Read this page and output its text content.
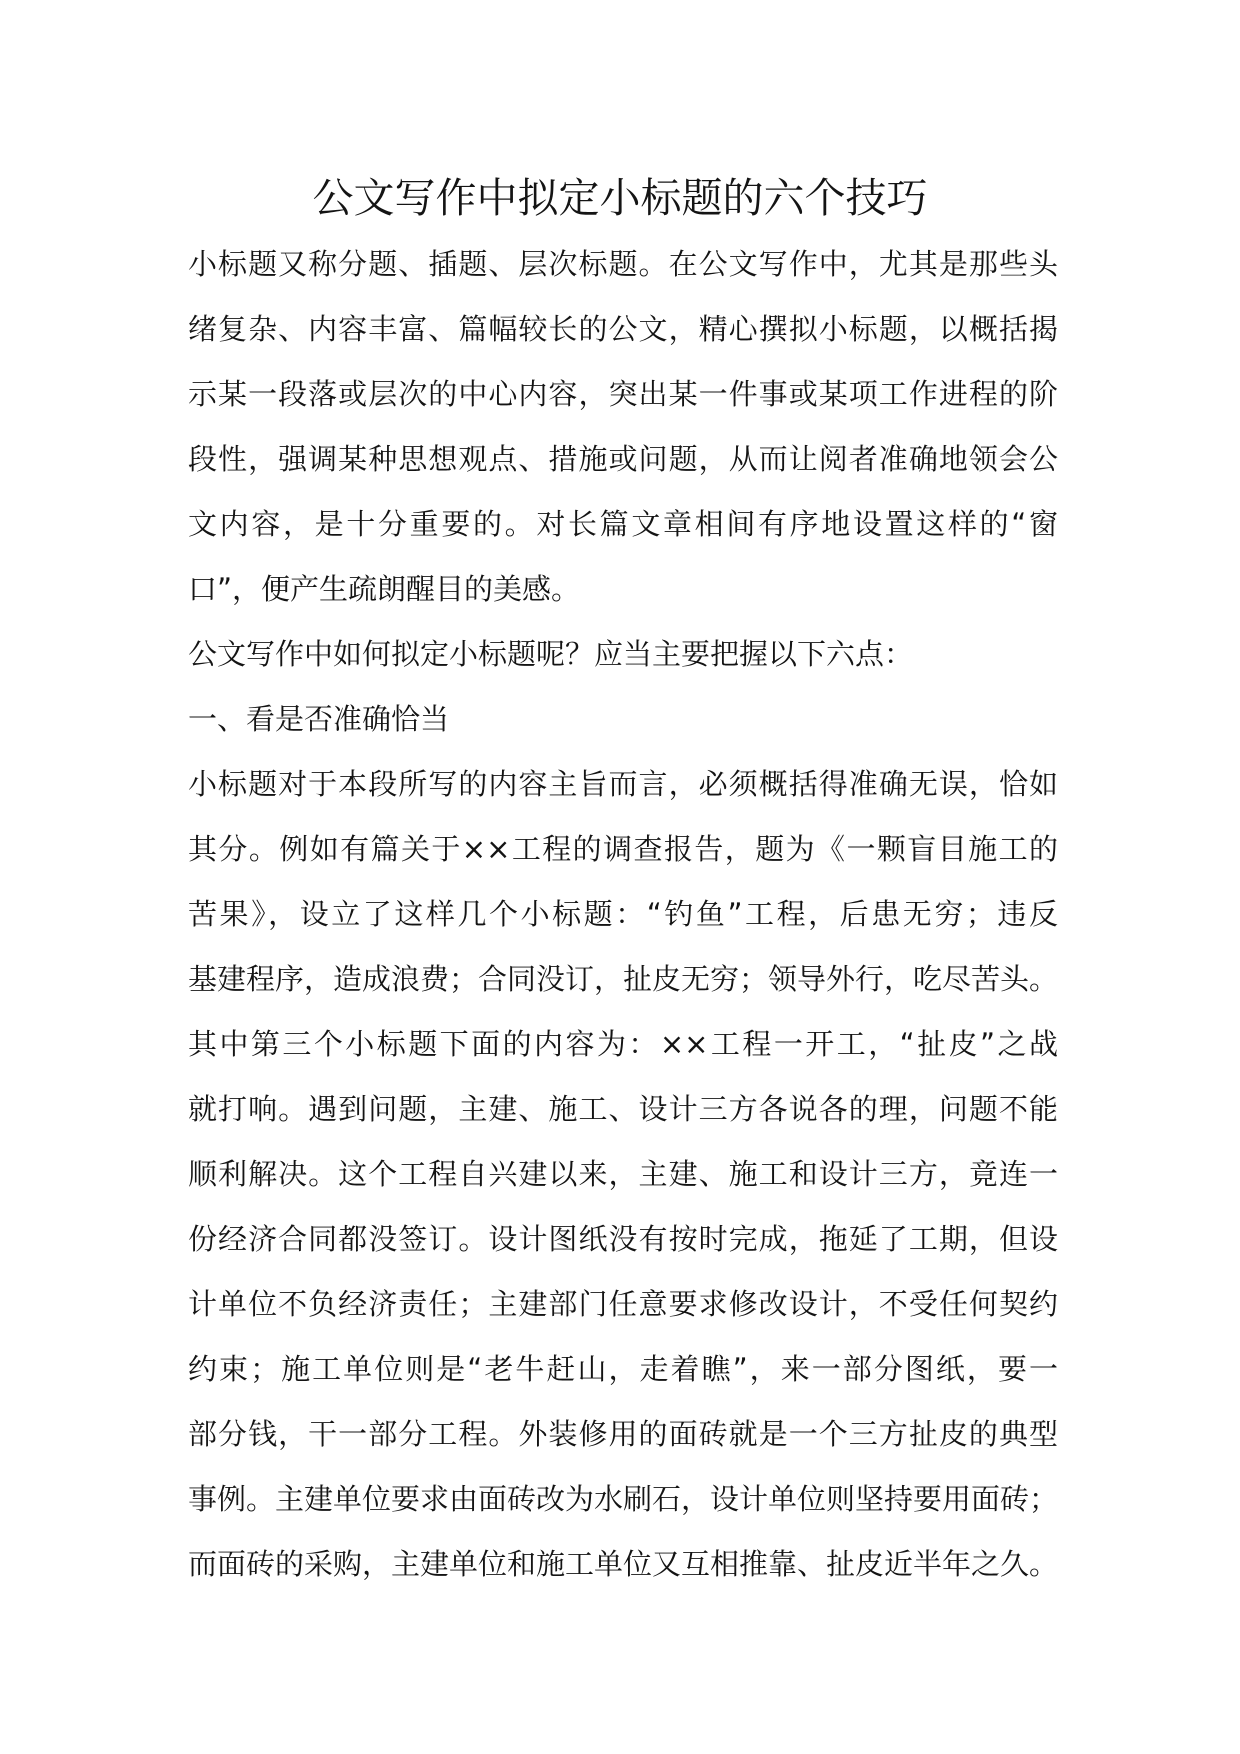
公文写作中拟定小标题的六个技巧
小标题又称分题、插题、层次标题。在公文写作中，尤其是那些头
绪复杂、内容丰富、篇幅较长的公文，精心撰拟小标题，以概括揭
示某一段落或层次的中心内容，突出某一件事或某项工作进程的阶
段性，强调某种思想观点、措施或问题，从而让阅者准确地领会公
文内容，是十分重要的。对长篇文章相间有序地设置这样的“窗
口”，便产生疏朗醒目的美感。
公文写作中如何拟定小标题呢？应当主要把握以下六点：
一、看是否准确恰当
小标题对于本段所写的内容主旨而言，必须概括得准确无误，恰如
其分。例如有篇关于××工程的调查报告，题为《一颗盲目施工的
苦果》，设立了这样几个小标题：“钓鱼”工程，后患无穷；违反
基建程序，造成浪费；合同没订，扯皮无穷；领导外行，吃尽苦头。
其中第三个小标题下面的内容为：××工程一开工，“扯皮”之战
就打响。遇到问题，主建、施工、设计三方各说各的理，问题不能
顺利解决。这个工程自兴建以来，主建、施工和设计三方，竟连一
份经济合同都没签订。设计图纸没有按时完成，拖延了工期，但设
计单位不负经济责任；主建部门任意要求修改设计，不受任何契约
约束；施工单位则是“老牛赶山，走着瞧”，来一部分图纸，要一
部分钱，干一部分工程。外装修用的面砖就是一个三方扯皮的典型
事例。主建单位要求由面砖改为水刷石，设计单位则坚持要用面砖；
而面砖的采购，主建单位和施工单位又互相推靠、扯皮近半年之久。
